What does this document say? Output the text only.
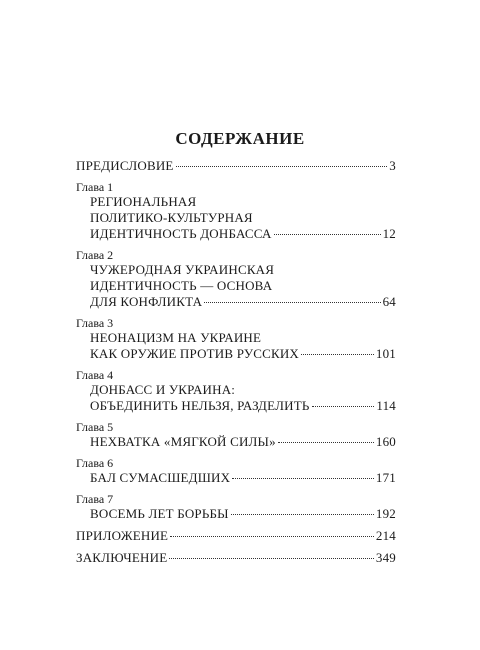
СОДЕРЖАНИЕ
ПРЕДИСЛОВИЕ	3
Глава 1
РЕГИОНАЛЬНАЯ
ПОЛИТИКО-КУЛЬТУРНАЯ
ИДЕНТИЧНОСТЬ ДОНБАССА	12
Глава 2
ЧУЖЕРОДНАЯ УКРАИНСКАЯ
ИДЕНТИЧНОСТЬ — ОСНОВА
ДЛЯ КОНФЛИКТА	64
Глава 3
НЕОНАЦИЗМ НА УКРАИНЕ
КАК ОРУЖИЕ ПРОТИВ РУССКИХ	101
Глава 4
ДОНБАСС И УКРАИНА:
ОБЪЕДИНИТЬ НЕЛЬЗЯ, РАЗДЕЛИТЬ	114
Глава 5
НЕХВАТКА «МЯГКОЙ СИЛЫ»	160
Глава 6
БАЛ СУМАСШЕДШИХ	171
Глава 7
ВОСЕМЬ ЛЕТ БОРЬБЫ	192
ПРИЛОЖЕНИЕ	214
ЗАКЛЮЧЕНИЕ	349
